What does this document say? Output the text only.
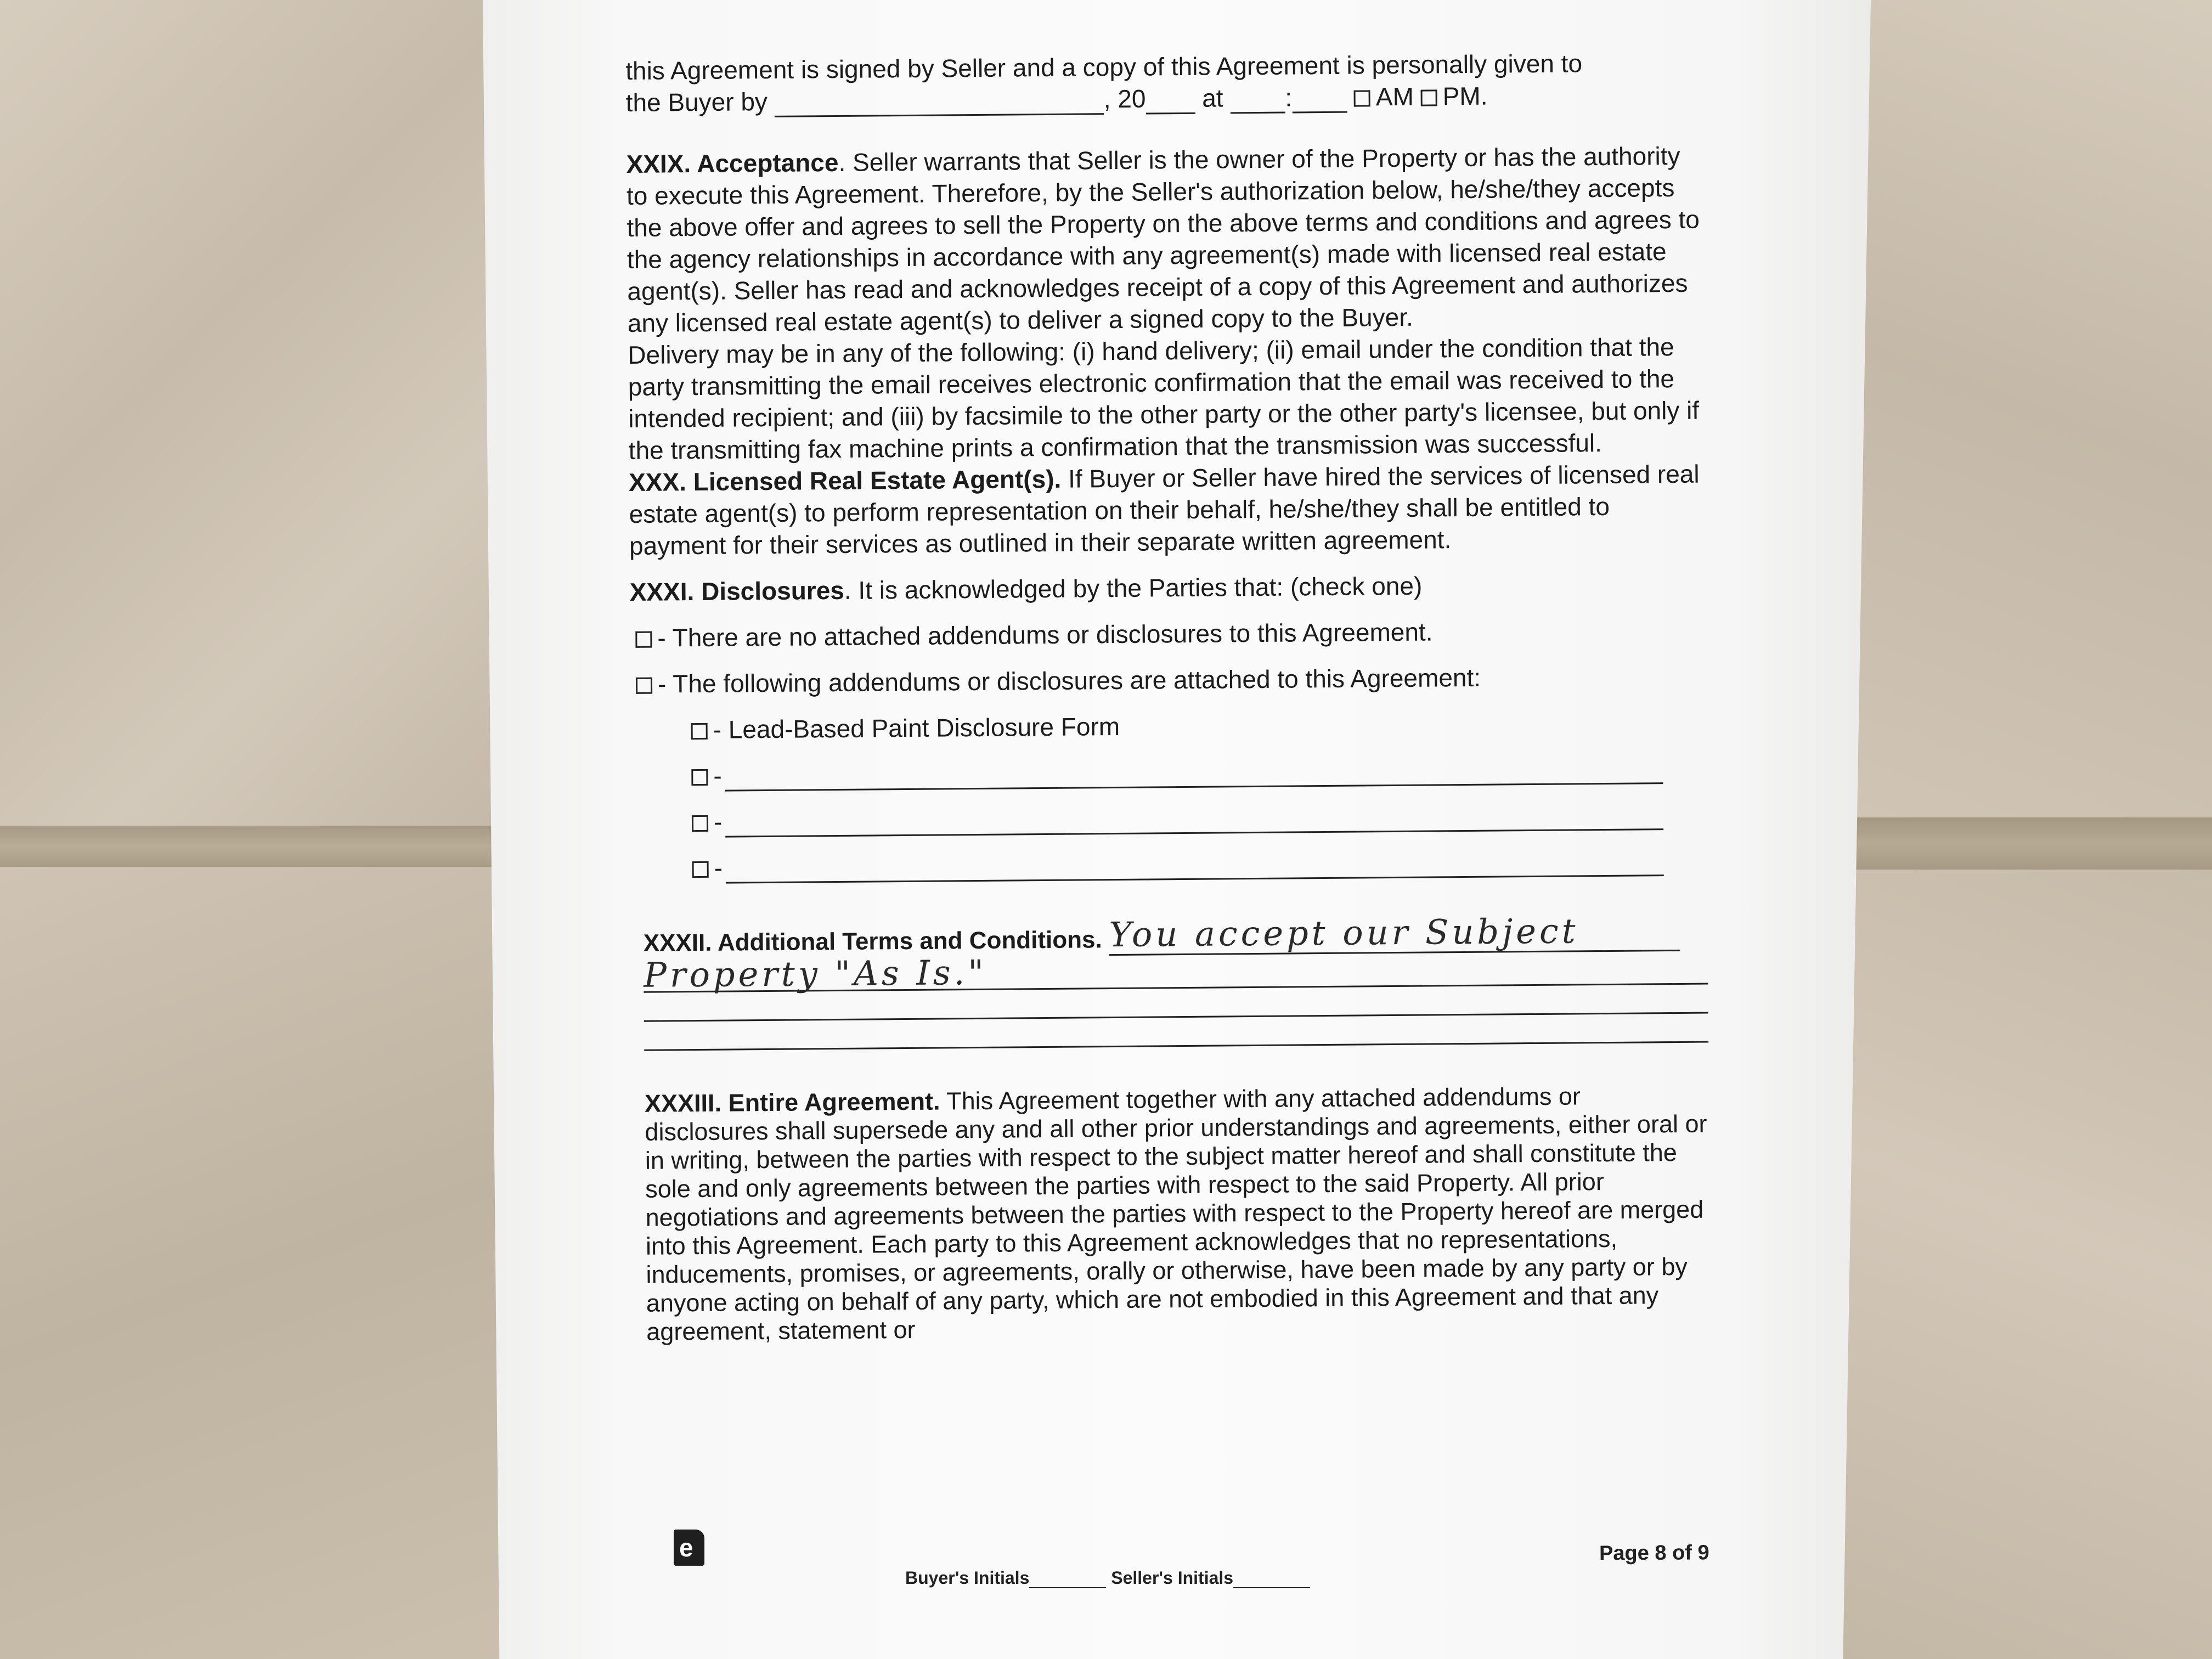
this Agreement is signed by Seller and a copy of this Agreement is personally given to

the Buyer by	, 20 at :	AM PM.

XXIX. Acceptance. Seller warrants that Seller is the owner of the Property or has the authority to execute this Agreement. Therefore, by the Seller's authorization below, he/she/they accepts the above offer and agrees to sell the Property on the above terms and conditions and agrees to the agency relationships in accordance with any agreement(s) made with licensed real estate agent(s). Seller has read and acknowledges receipt of a copy of this Agreement and authorizes any licensed real estate agent(s) to deliver a signed copy to the Buyer.

Delivery may be in any of the following: (i) hand delivery; (ii) email under the condition that the party transmitting the email receives electronic confirmation that the email was received to the intended recipient; and (iii) by facsimile to the other party or the other party's licensee, but only if the transmitting fax machine prints a confirmation that the transmission was successful.

XXX. Licensed Real Estate Agent(s). If Buyer or Seller have hired the services of licensed real estate agent(s) to perform representation on their behalf, he/she/they shall be entitled to payment for their services as outlined in their separate written agreement.

XXXI. Disclosures. It is acknowledged by the Parties that: (check one)

- There are no attached addendums or disclosures to this Agreement.
- The following addendums or disclosures are attached to this Agreement:
- Lead-Based Paint Disclosure Form
-
-
-
XXXII. Additional Terms and Conditions. You accept our Subject
Property "As Is."

XXXIII. Entire Agreement. This Agreement together with any attached addendums or disclosures shall supersede any and all other prior understandings and agreements, either oral or in writing, between the parties with respect to the subject matter hereof and shall constitute the sole and only agreements between the parties with respect to the said Property. All prior negotiations and agreements between the parties with respect to the Property hereof are merged into this Agreement. Each party to this Agreement acknowledges that no representations, inducements, promises, or agreements, orally or otherwise, have been made by any party or by anyone acting on behalf of any party, which are not embodied in this Agreement and that any agreement, statement or

e	Page 8 of 9
Buyer's Initials	Seller's Initials
